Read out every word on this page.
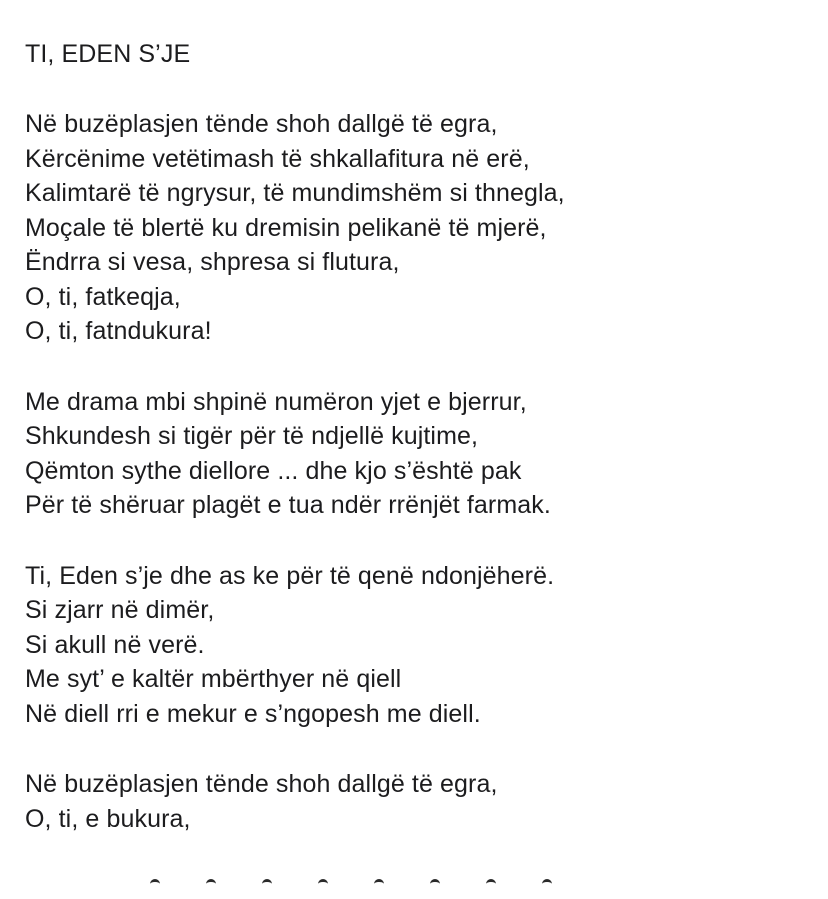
TI, EDEN S’JE
Në buzëplasjen tënde shoh dallgë të egra,
Kërcënime vetëtimash të shkallafitura në erë,
Kalimtarë të ngrysur, të mundimshëm si thnegla,
Moçale të blertë ku dremisin pelikanë të mjerë,
Ëndrra si vesa, shpresa si flutura,
O, ti, fatkeqja,
O, ti, fatndukura!
Me drama mbi shpinë numëron yjet e bjerrur,
Shkundesh si tigër për të ndjellë kujtime,
Qëmton sythe diellore ... dhe kjo s’është pak
Për të shëruar plagët e tua ndër rrënjët farmak.
Ti, Eden s’je dhe as ke për të qenë ndonjëherë.
Si zjarr në dimër,
Si akull në verë.
Me syt’ e kaltër mbërthyer në qiell
Në diell rri e mekur e s’ngopesh me diell.
Në buzëplasjen tënde shoh dallgë të egra,
O, ti, e bukura,
